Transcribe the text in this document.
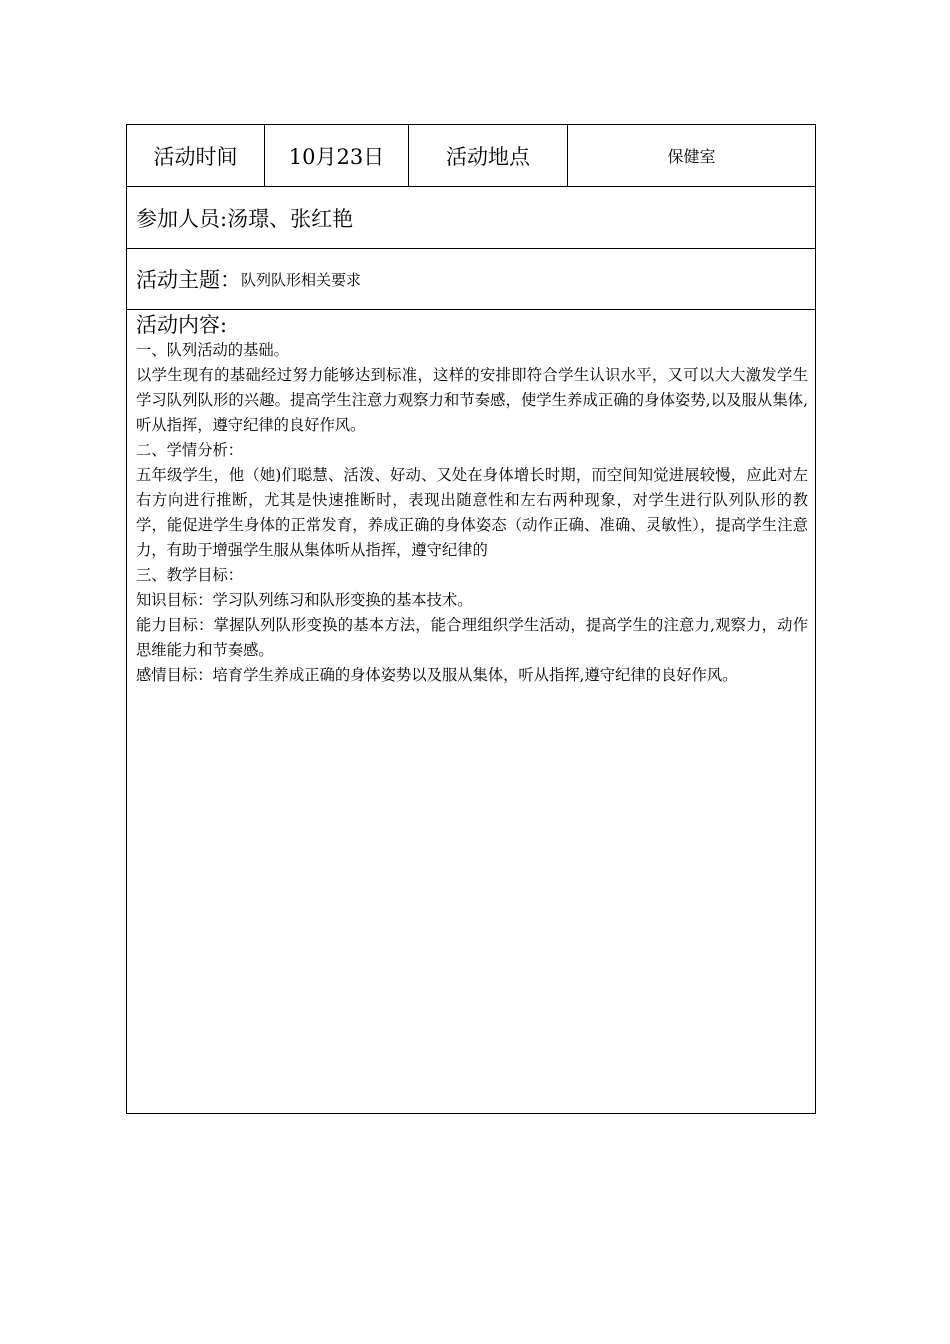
活动时间	10月23日	活动地点	保健室
参加人员: 汤璟、张红艳
活动主题： 队列队形相关要求
活动内容:

一、队列活动的基础。

以学生现有的基础经过努力能够达到标准，这样的安排即符合学生认识水平，又可以大大激发学生学习队列队形的兴趣。提高学生注意力观察力和节奏感，使学生养成正确的身体姿势,以及服从集体,听从指挥，遵守纪律的良好作风。

二、学情分析：

五年级学生，他（她)们聪慧、活泼、好动、又处在身体增长时期，而空间知觉进展较慢，应此对左右方向进行推断，尤其是快速推断时，表现出随意性和左右两种现象，对学生进行队列队形的教学，能促进学生身体的正常发育，养成正确的身体姿态（动作正确、准确、灵敏性），提高学生注意力，有助于增强学生服从集体听从指挥，遵守纪律的

三、教学目标：

知识目标：学习队列练习和队形变换的基本技术。

能力目标：掌握队列队形变换的基本方法，能合理组织学生活动，提高学生的注意力,观察力，动作思维能力和节奏感。

感情目标：培育学生养成正确的身体姿势以及服从集体，听从指挥,遵守纪律的良好作风。
